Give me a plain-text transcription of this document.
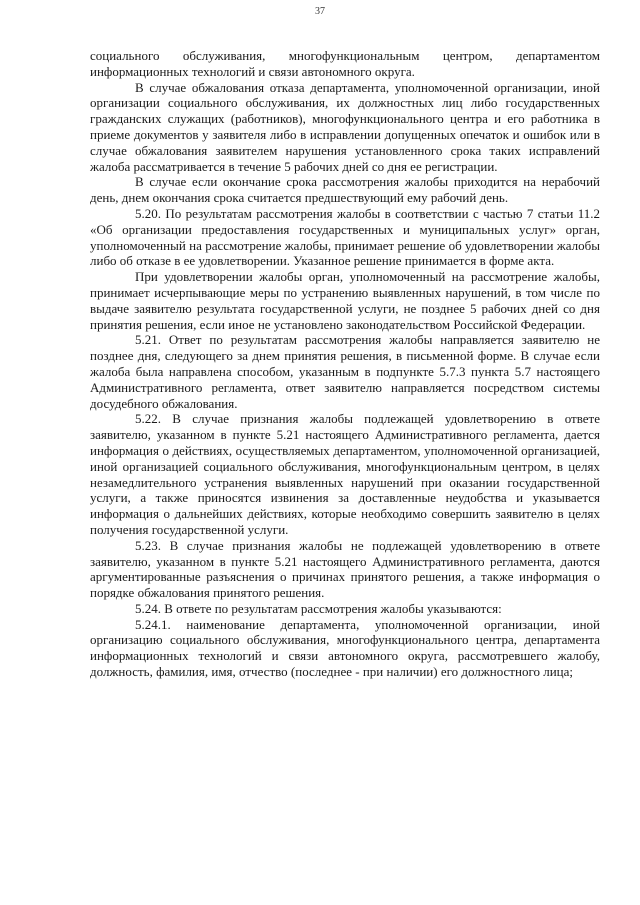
37

социального обслуживания, многофункциональным центром, департаментом информационных технологий и связи автономного округа.

В случае обжалования отказа департамента, уполномоченной организации, иной организации социального обслуживания, их должностных лиц либо государственных гражданских служащих (работников), многофункционального центра и его работника в приеме документов у заявителя либо в исправлении допущенных опечаток и ошибок или в случае обжалования заявителем нарушения установленного срока таких исправлений жалоба рассматривается в течение 5 рабочих дней со дня ее регистрации.

В случае если окончание срока рассмотрения жалобы приходится на нерабочий день, днем окончания срока считается предшествующий ему рабочий день.

5.20. По результатам рассмотрения жалобы в соответствии с частью 7 статьи 11.2 «Об организации предоставления государственных и муниципальных услуг» орган, уполномоченный на рассмотрение жалобы, принимает решение об удовлетворении жалобы либо об отказе в ее удовлетворении. Указанное решение принимается в форме акта.

При удовлетворении жалобы орган, уполномоченный на рассмотрение жалобы, принимает исчерпывающие меры по устранению выявленных нарушений, в том числе по выдаче заявителю результата государственной услуги, не позднее 5 рабочих дней со дня принятия решения, если иное не установлено законодательством Российской Федерации.

5.21. Ответ по результатам рассмотрения жалобы направляется заявителю не позднее дня, следующего за днем принятия решения, в письменной форме. В случае если жалоба была направлена способом, указанным в подпункте 5.7.3 пункта 5.7 настоящего Административного регламента, ответ заявителю направляется посредством системы досудебного обжалования.

5.22. В случае признания жалобы подлежащей удовлетворению в ответе заявителю, указанном в пункте 5.21 настоящего Административного регламента, дается информация о действиях, осуществляемых департаментом, уполномоченной организацией, иной организацией социального обслуживания, многофункциональным центром, в целях незамедлительного устранения выявленных нарушений при оказании государственной услуги, а также приносятся извинения за доставленные неудобства и указывается информация о дальнейших действиях, которые необходимо совершить заявителю в целях получения государственной услуги.

5.23. В случае признания жалобы не подлежащей удовлетворению в ответе заявителю, указанном в пункте 5.21 настоящего Административного регламента, даются аргументированные разъяснения о причинах принятого решения, а также информация о порядке обжалования принятого решения.

5.24. В ответе по результатам рассмотрения жалобы указываются:

5.24.1. наименование департамента, уполномоченной организации, иной организацию социального обслуживания, многофункционального центра, департамента информационных технологий и связи автономного округа, рассмотревшего жалобу, должность, фамилия, имя, отчество (последнее - при наличии) его должностного лица;
